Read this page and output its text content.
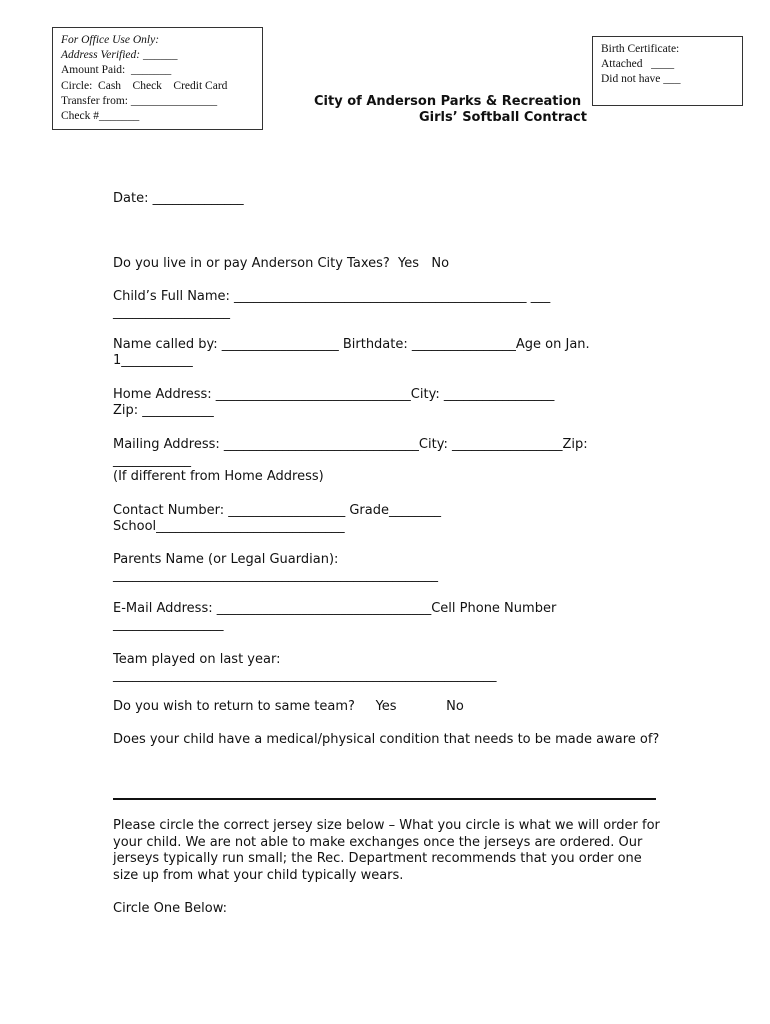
For Office Use Only:
Address Verified: ______
Amount Paid:  _______
Circle:  Cash    Check    Credit Card
Transfer from: _______________
Check #_______
City of Anderson Parks & Recreation
Girls’ Softball Contract
Birth Certificate:
Attached   ____
Did not have ___
Date: ______________
Do you live in or pay Anderson City Taxes?  Yes   No
Child’s Full Name: _____________________________________________ ___
__________________
Name called by: __________________ Birthdate: ________________Age on Jan.
1___________
Home Address: ______________________________City: _________________
Zip: ___________
Mailing Address: ______________________________City: _________________Zip:
____________
(If different from Home Address)
Contact Number: __________________ Grade________
School_____________________________
Parents Name (or Legal Guardian):
__________________________________________________
E-Mail Address: _________________________________Cell Phone Number
_________________
Team played on last year:
___________________________________________________________
Do you wish to return to same team?     Yes            No
Does your child have a medical/physical condition that needs to be made aware of?
Please circle the correct jersey size below – What you circle is what we will order for your child. We are not able to make exchanges once the jerseys are ordered. Our jerseys typically run small; the Rec. Department recommends that you order one size up from what your child typically wears.
Circle One Below:
